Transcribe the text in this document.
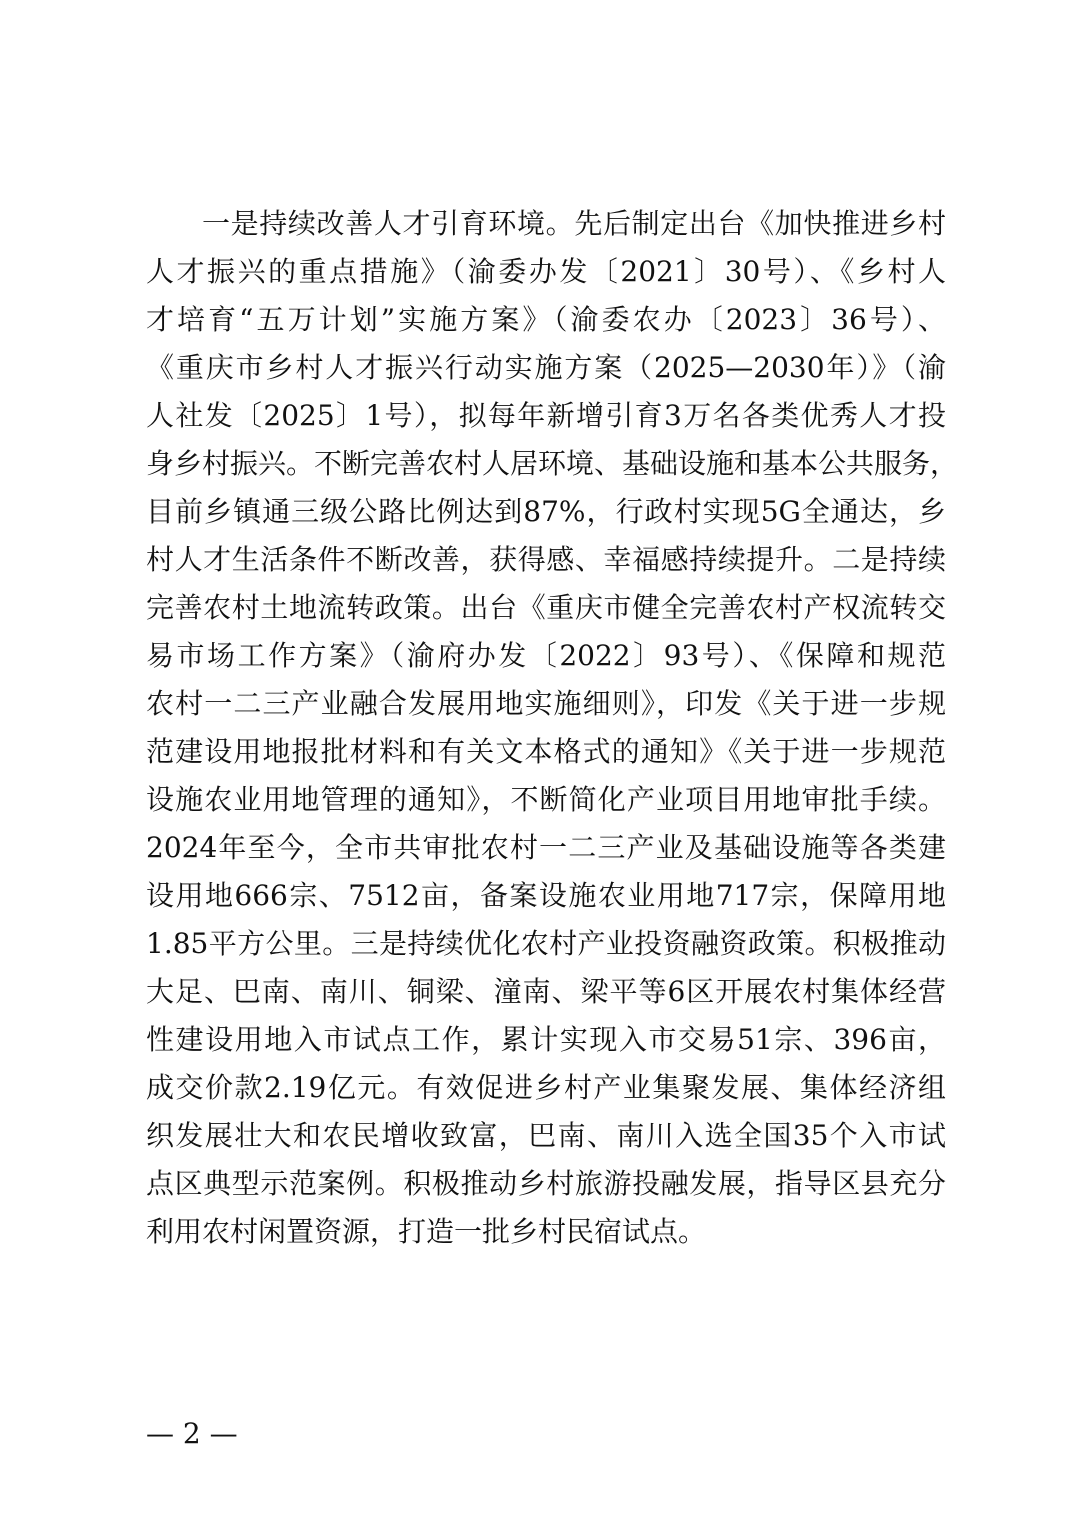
一是持续改善人才引育环境。先后制定出台《加快推进乡村
人才振兴的重点措施》（渝委办发〔2021〕30号）、《乡村人
才培育“五万计划”实施方案》（渝委农办〔2023〕36号）、
《重庆市乡村人才振兴行动实施方案（2025—2030年）》（渝
人社发〔2025〕1号），拟每年新增引育3万名各类优秀人才投
身乡村振兴。不断完善农村人居环境、基础设施和基本公共服务，
目前乡镇通三级公路比例达到87%，行政村实现5G全通达，乡
村人才生活条件不断改善，获得感、幸福感持续提升。二是持续
完善农村土地流转政策。出台《重庆市健全完善农村产权流转交
易市场工作方案》（渝府办发〔2022〕93号）、《保障和规范
农村一二三产业融合发展用地实施细则》，印发《关于进一步规
范建设用地报批材料和有关文本格式的通知》《关于进一步规范
设施农业用地管理的通知》，不断简化产业项目用地审批手续。
2024年至今，全市共审批农村一二三产业及基础设施等各类建
设用地666宗、7512亩，备案设施农业用地717宗，保障用地
1.85平方公里。三是持续优化农村产业投资融资政策。积极推动
大足、巴南、南川、铜梁、潼南、梁平等6区开展农村集体经营
性建设用地入市试点工作，累计实现入市交易51宗、396亩，
成交价款2.19亿元。有效促进乡村产业集聚发展、集体经济组
织发展壮大和农民增收致富，巴南、南川入选全国35个入市试
点区典型示范案例。积极推动乡村旅游投融发展，指导区县充分
利用农村闲置资源，打造一批乡村民宿试点。
— 2 —
